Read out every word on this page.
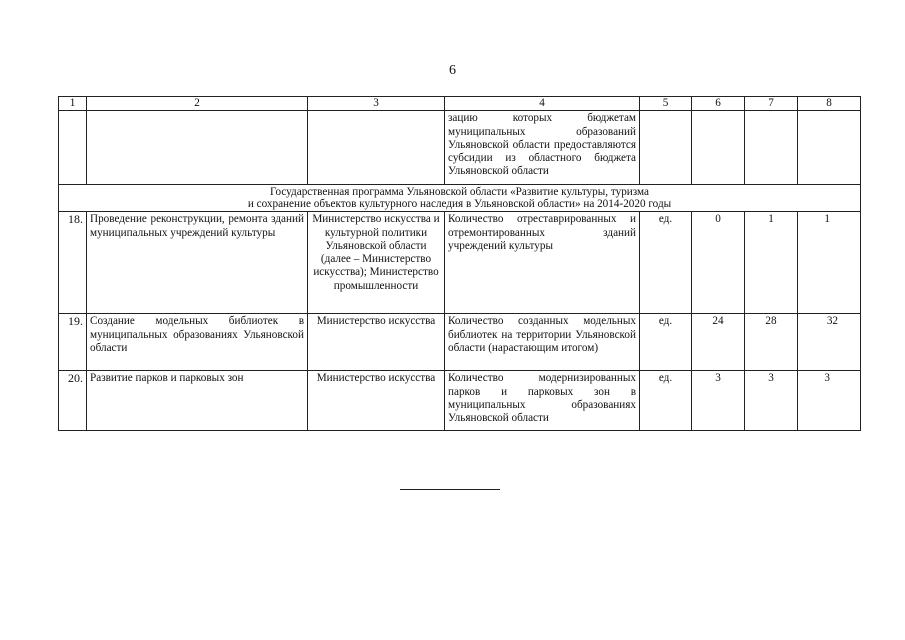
6
1	2	3	4	5	6	7	8
			зацию которых бюджетам муниципальных образований Ульяновской области предоставляются субсидии из областного бюджета Ульяновской области				

Государственная программа Ульяновской области «Развитие культуры, туризма
и сохранение объектов культурного наследия в Ульяновской области» на 2014-2020 годы							

18.	Проведение реконструкции, ремонта зданий муниципальных учреждений культуры	Министерство искусства и культурной политики Ульяновской области (далее – Министерство искусства); Министерство промышленности	Количество отреставрированных и отремонтированных зданий учреждений культуры	ед.	0	1	1
19.	Создание модельных библиотек в муниципальных образованиях Ульяновской области	Министерство искусства	Количество созданных модельных библиотек на территории Ульяновской области (нарастающим итогом)	ед.	24	28	32
20.	Развитие парков и парковых зон	Министерство искусства	Количество модернизированных парков и парковых зон в муниципальных образованиях Ульяновской области	ед.	3	3	3
